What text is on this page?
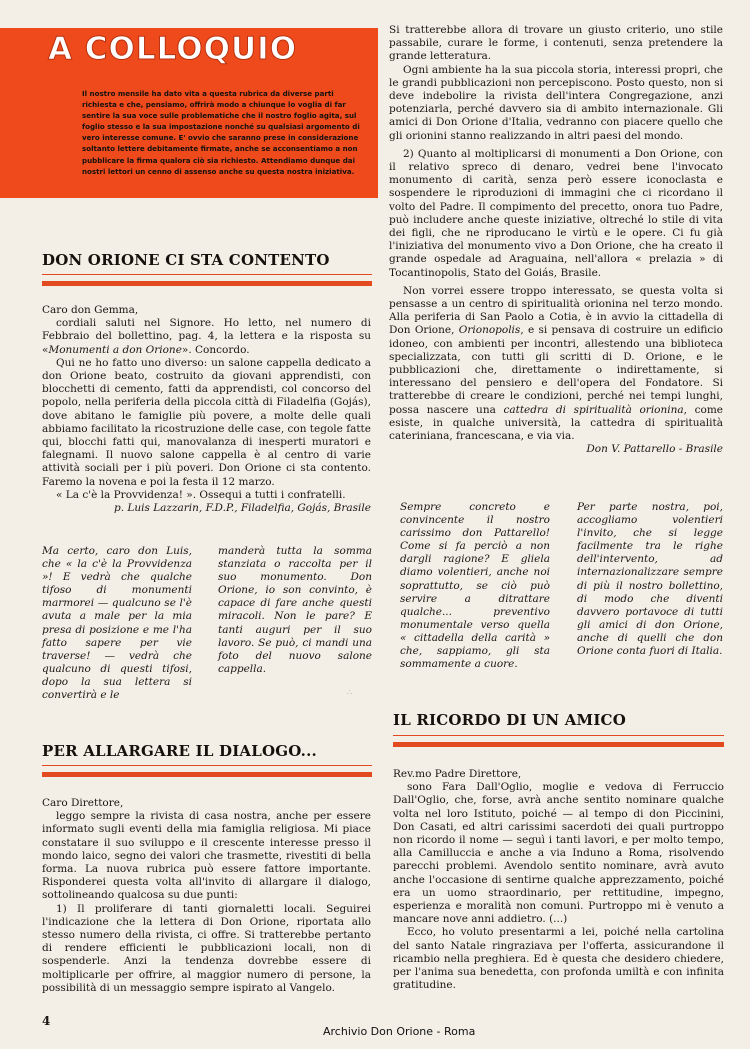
A COLLOQUIO
Il nostro mensile ha dato vita a questa rubrica da diverse parti richiesta e che, pensiamo, offrirà modo a chiunque lo voglia di far sentire la sua voce sulle problematiche che il nostro foglio agita, sul foglio stesso e la sua impostazione nonché su qualsiasi argomento di vero interesse comune. E' ovvio che saranno prese in considerazione soltanto lettere debitamente firmate, anche se acconsentiamo a non pubblicare la firma qualora ciò sia richiesto. Attendiamo dunque dai nostri lettori un cenno di assenso anche su questa nostra iniziativa.
DON ORIONE CI STA CONTENTO

Caro don Gemma,

cordiali saluti nel Signore. Ho letto, nel numero di Febbraio del bollettino, pag. 4, la lettera e la risposta su «Monumenti a don Orione». Concordo.

Qui ne ho fatto uno diverso: un salone cappella dedicato a don Orione beato, costruito da giovani apprendisti, con blocchetti di cemento, fatti da apprendisti, col concorso del popolo, nella periferia della piccola città di Filadelfia (Gojás), dove abitano le famiglie più povere, a molte delle quali abbiamo facilitato la ricostruzione delle case, con tegole fatte qui, blocchi fatti qui, manovalanza di inesperti muratori e falegnami. Il nuovo salone cappella è al centro di varie attività sociali per i più poveri. Don Orione ci sta contento. Faremo la novena e poi la festa il 12 marzo.

« La c'è la Provvidenza! ». Ossequi a tutti i confratelli.

p. Luis Lazzarin, F.D.P., Filadelfia, Gojás, Brasile

Ma certo, caro don Luis, che « la c'è la Provvidenza »! E vedrà che qualche tifoso di monumenti marmorei — qualcuno se l'è avuta a male per la mia presa di posizione e me l'ha fatto sapere per vie traverse! — vedrà che qualcuno di questi tifosi, dopo la sua lettera si convertirà e le
manderà tutta la somma stanziata o raccolta per il suo monumento. Don Orione, io son convinto, è capace di fare anche questi miracoli. Non le pare? E tanti auguri per il suo lavoro. Se può, ci mandi una foto del nuovo salone cappella.
∴
PER ALLARGARE IL DIALOGO...

Caro Direttore,

leggo sempre la rivista di casa nostra, anche per essere informato sugli eventi della mia famiglia religiosa. Mi piace constatare il suo sviluppo e il crescente interesse presso il mondo laico, segno dei valori che trasmette, rivestiti di bella forma. La nuova rubrica può essere fattore importante. Risponderei questa volta all'invito di allargare il dialogo, sottolineando qualcosa su due punti:

1) Il proliferare di tanti giornaletti locali. Seguirei l'indicazione che la lettera di Don Orione, riportata allo stesso numero della rivista, ci offre. Si tratterebbe pertanto di rendere efficienti le pubblicazioni locali, non di sospenderle. Anzi la tendenza dovrebbe essere di moltiplicarle per offrire, al maggior numero di persone, la possibilità di un messaggio sempre ispirato al Vangelo.

Si tratterebbe allora di trovare un giusto criterio, uno stile passabile, curare le forme, i contenuti, senza pretendere la grande letteratura.

Ogni ambiente ha la sua piccola storia, interessi propri, che le grandi pubblicazioni non percepiscono. Posto questo, non si deve indebolire la rivista dell'intera Congregazione, anzi potenziarla, perché davvero sia di ambito internazionale. Gli amici di Don Orione d'Italia, vedranno con piacere quello che gli orionini stanno realizzando in altri paesi del mondo.

2) Quanto al moltiplicarsi di monumenti a Don Orione, con il relativo spreco di denaro, vedrei bene l'invocato monumento di carità, senza però essere iconoclasta e sospendere le riproduzioni di immagini che ci ricordano il volto del Padre. Il compimento del precetto, onora tuo Padre, può includere anche queste iniziative, oltreché lo stile di vita dei figli, che ne riproducano le virtù e le opere. Ci fu già l'iniziativa del monumento vivo a Don Orione, che ha creato il grande ospedale ad Araguaina, nell'allora « prelazia » di Tocantinopolis, Stato del Goiás, Brasile.

Non vorrei essere troppo interessato, se questa volta si pensasse a un centro di spiritualità orionina nel terzo mondo. Alla periferia di San Paolo a Cotia, è in avvio la cittadella di Don Orione, Orionopolis, e si pensava di costruire un edificio idoneo, con ambienti per incontri, allestendo una biblioteca specializzata, con tutti gli scritti di D. Orione, e le pubblicazioni che, direttamente o indirettamente, si interessano del pensiero e dell'opera del Fondatore. Si tratterebbe di creare le condizioni, perché nei tempi lunghi, possa nascere una cattedra di spiritualità orionina, come esiste, in qualche università, la cattedra di spiritualità cateriniana, francescana, e via via.

Don V. Pattarello - Brasile

Sempre concreto e convincente il nostro carissimo don Pattarello! Come si fa perciò a non dargli ragione? E gliela diamo volentieri, anche noi soprattutto, se ciò può servire a ditrattare qualche... preventivo monumentale verso quella « cittadella della carità » che, sappiamo, gli sta sommamente a cuore.
Per parte nostra, poi, accogliamo volentieri l'invito, che si legge facilmente tra le righe dell'intervento, ad internazionalizzare sempre di più il nostro bollettino, di modo che diventi davvero portavoce di tutti gli amici di don Orione, anche di quelli che don Orione conta fuori di Italia.
IL RICORDO DI UN AMICO

Rev.mo Padre Direttore,

sono Fara Dall'Oglio, moglie e vedova di Ferruccio Dall'Oglio, che, forse, avrà anche sentito nominare qualche volta nel loro Istituto, poiché — al tempo di don Piccinini, Don Casati, ed altri carissimi sacerdoti dei quali purtroppo non ricordo il nome — seguì i tanti lavori, e per molto tempo, alla Camilluccia e anche a via Induno a Roma, risolvendo parecchi problemi. Avendolo sentito nominare, avrà avuto anche l'occasione di sentirne qualche apprezzamento, poiché era un uomo straordinario, per rettitudine, impegno, esperienza e moralità non comuni. Purtroppo mi è venuto a mancare nove anni addietro. (...)

Ecco, ho voluto presentarmi a lei, poiché nella cartolina del santo Natale ringraziava per l'offerta, assicurandone il ricambio nella preghiera. Ed è questa che desidero chiedere, per l'anima sua benedetta, con profonda umiltà e con infinita gratitudine.

4
Archivio Don Orione - Roma
